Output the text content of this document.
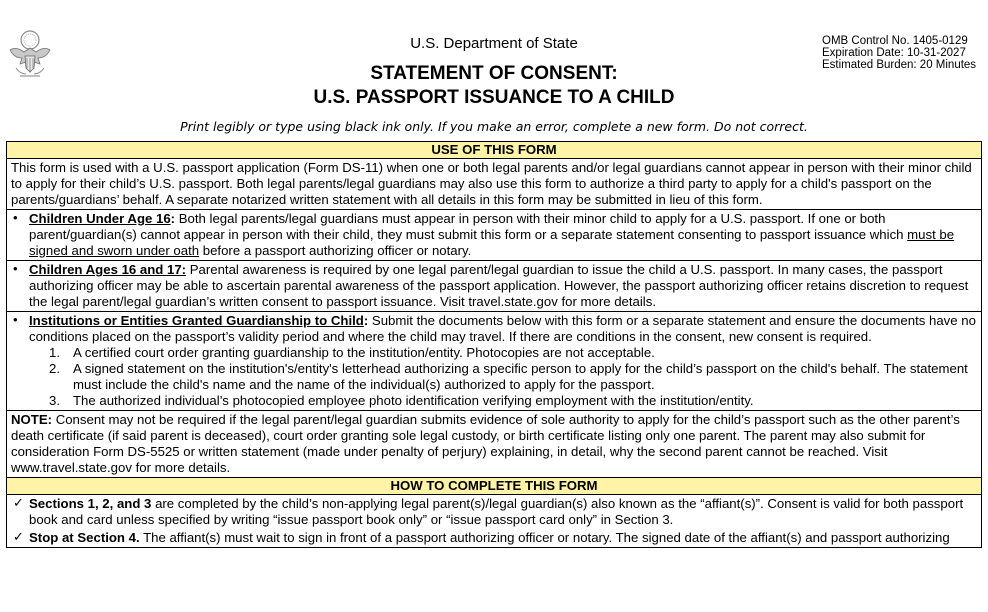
U.S. Department of State	OMB Control No. 1405-0129
Expiration Date: 10-31-2027
Estimated Burden: 20 Minutes
STATEMENT OF CONSENT:
U.S. PASSPORT ISSUANCE TO A CHILD
Print legibly or type using black ink only. If you make an error, complete a new form. Do not correct.
USE OF THIS FORM
This form is used with a U.S. passport application (Form DS-11) when one or both legal parents and/or legal guardians cannot appear in person with their minor child to apply for their child’s U.S. passport. Both legal parents/legal guardians may also use this form to authorize a third party to apply for a child's passport on the parents/guardians’ behalf. A separate notarized written statement with all details in this form may be submitted in lieu of this form.
• Children Under Age 16: Both legal parents/legal guardians must appear in person with their minor child to apply for a U.S. passport. If one or both parent/guardian(s) cannot appear in person with their child, they must submit this form or a separate statement consenting to passport issuance which must be signed and sworn under oath before a passport authorizing officer or notary.
• Children Ages 16 and 17: Parental awareness is required by one legal parent/legal guardian to issue the child a U.S. passport. In many cases, the passport authorizing officer may be able to ascertain parental awareness of the passport application. However, the passport authorizing officer retains discretion to request the legal parent/legal guardian’s written consent to passport issuance. Visit travel.state.gov for more details.
• Institutions or Entities Granted Guardianship to Child: Submit the documents below with this form or a separate statement and ensure the documents have no conditions placed on the passport’s validity period and where the child may travel. If there are conditions in the consent, new consent is required.
1. A certified court order granting guardianship to the institution/entity. Photocopies are not acceptable.
2. A signed statement on the institution's/entity's letterhead authorizing a specific person to apply for the child’s passport on the child's behalf. The statement must include the child's name and the name of the individual(s) authorized to apply for the passport.
3. The authorized individual’s photocopied employee photo identification verifying employment with the institution/entity.
NOTE: Consent may not be required if the legal parent/legal guardian submits evidence of sole authority to apply for the child’s passport such as the other parent’s death certificate (if said parent is deceased), court order granting sole legal custody, or birth certificate listing only one parent. The parent may also submit for consideration Form DS-5525 or written statement (made under penalty of perjury) explaining, in detail, why the second parent cannot be reached. Visit www.travel.state.gov for more details.
HOW TO COMPLETE THIS FORM
✓ Sections 1, 2, and 3 are completed by the child’s non-applying legal parent(s)/legal guardian(s) also known as the “affiant(s)”. Consent is valid for both passport book and card unless specified by writing “issue passport book only” or “issue passport card only” in Section 3.
✓ Stop at Section 4. The affiant(s) must wait to sign in front of a passport authorizing officer or notary. The signed date of the affiant(s) and passport authorizing
